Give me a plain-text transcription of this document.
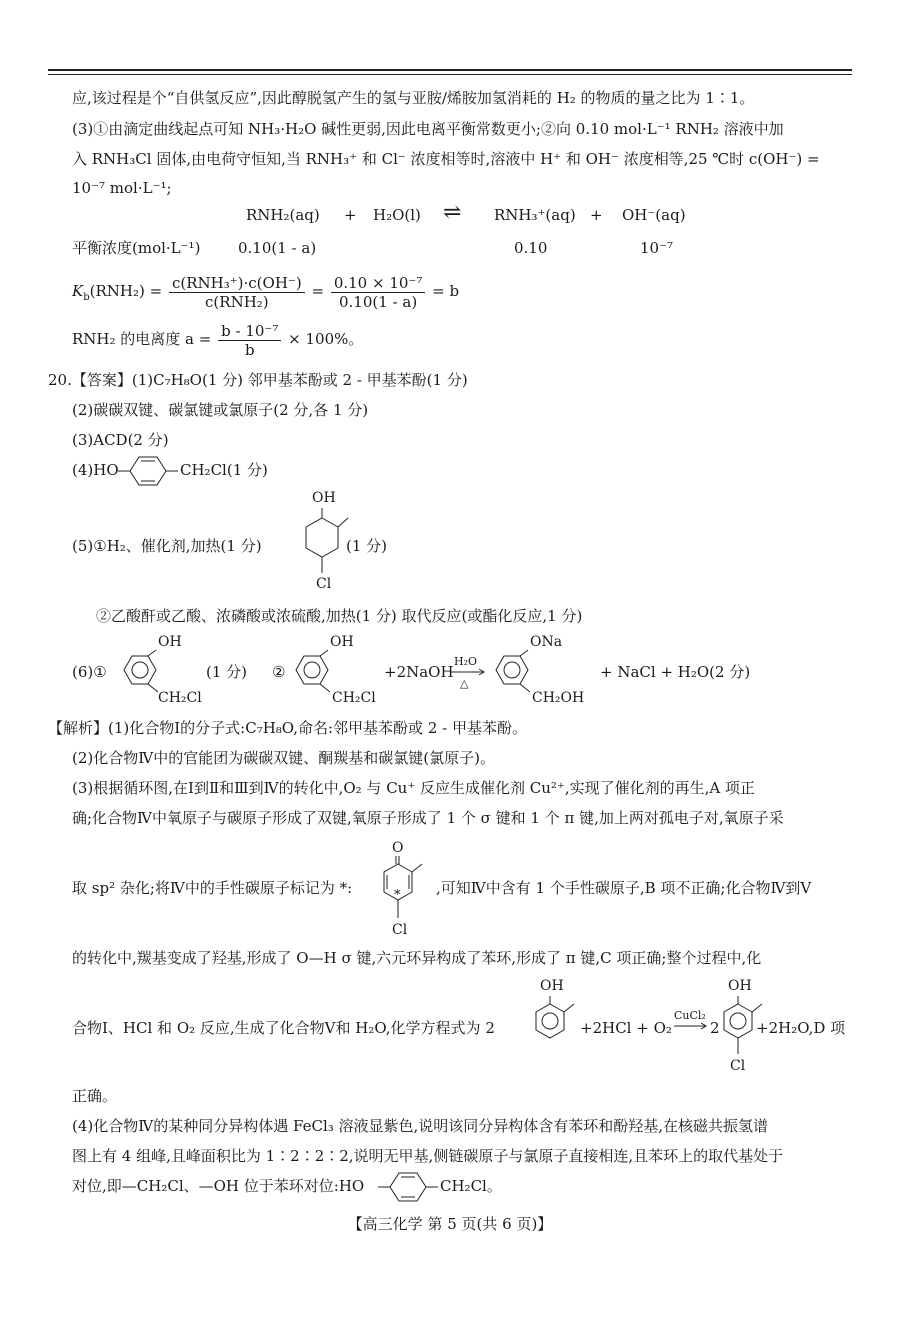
应,该过程是个“自供氢反应”,因此醇脱氢产生的氢与亚胺/烯胺加氢消耗的 H₂ 的物质的量之比为 1∶1。
(3)①由滴定曲线起点可知 NH₃·H₂O 碱性更弱,因此电离平衡常数更小;②向 0.10 mol·L⁻¹ RNH₂ 溶液中加
入 RNH₃Cl 固体,由电荷守恒知,当 RNH₃⁺ 和 Cl⁻ 浓度相等时,溶液中 H⁺ 和 OH⁻ 浓度相等,25 ℃时 c(OH⁻) =
10⁻⁷ mol·L⁻¹;
RNH₂(aq) + H₂O(l) ⇌ RNH₃⁺(aq) + OH⁻(aq)
平衡浓度(mol·L⁻¹)	0.10(1 - a)	0.10	10⁻⁷
$K_b(RNH_2) = \frac{\text{c(RNH₃⁺)·c(OH⁻)}}{\text{c(RNH₂)}} = \frac{\text{0.10 × 10⁻⁷}}{0.10(1 - a)} = b$
RNH₂ 的电离度 $a = \frac{\text{b - 10⁻⁷}}{b} \times 100\%$。
20.【答案】(1)C₇H₈O(1 分) 邻甲基苯酚或 2 - 甲基苯酚(1 分)
(2)碳碳双键、碳氯键或氯原子(2 分,各 1 分)
(3)ACD(2 分)
(4)HO	CH₂Cl(1 分)
(5)①H₂、催化剂,加热(1 分)
OH
Cl
(1 分)
②乙酸酐或乙酸、浓磷酸或浓硫酸,加热(1 分) 取代反应(或酯化反应,1 分)
(6)①
OH
CH₂Cl
(1 分) ②
OH
CH₂Cl
+2NaOH
H₂O
△
ONa
CH₂OH
+ NaCl + H₂O(2 分)
【解析】(1)化合物Ⅰ的分子式:C₇H₈O,命名:邻甲基苯酚或 2 - 甲基苯酚。
(2)化合物Ⅳ中的官能团为碳碳双键、酮羰基和碳氯键(氯原子)。
(3)根据循环图,在Ⅰ到Ⅱ和Ⅲ到Ⅳ的转化中,O₂ 与 Cu⁺ 反应生成催化剂 Cu²⁺,实现了催化剂的再生,A 项正
确;化合物Ⅳ中氧原子与碳原子形成了双键,氧原子形成了 1 个 σ 键和 1 个 π 键,加上两对孤电子对,氧原子采
取 sp² 杂化;将Ⅳ中的手性碳原子标记为 *:
O
*
Cl
,可知Ⅳ中含有 1 个手性碳原子,B 项不正确;化合物Ⅳ到Ⅴ
的转化中,羰基变成了羟基,形成了 O—H σ 键,六元环异构成了苯环,形成了 π 键,C 项正确;整个过程中,化
合物Ⅰ、HCl 和 O₂ 反应,生成了化合物Ⅴ和 H₂O,化学方程式为 2
OH
+2HCl + O₂
CuCl₂
2
OH
Cl
+2H₂O,D 项
正确。
(4)化合物Ⅳ的某种同分异构体遇 FeCl₃ 溶液显紫色,说明该同分异构体含有苯环和酚羟基,在核磁共振氢谱
图上有 4 组峰,且峰面积比为 1∶2∶2∶2,说明无甲基,侧链碳原子与氯原子直接相连,且苯环上的取代基处于
对位,即—CH₂Cl、—OH 位于苯环对位:HO	CH₂Cl。
【高三化学 第 5 页(共 6 页)】
